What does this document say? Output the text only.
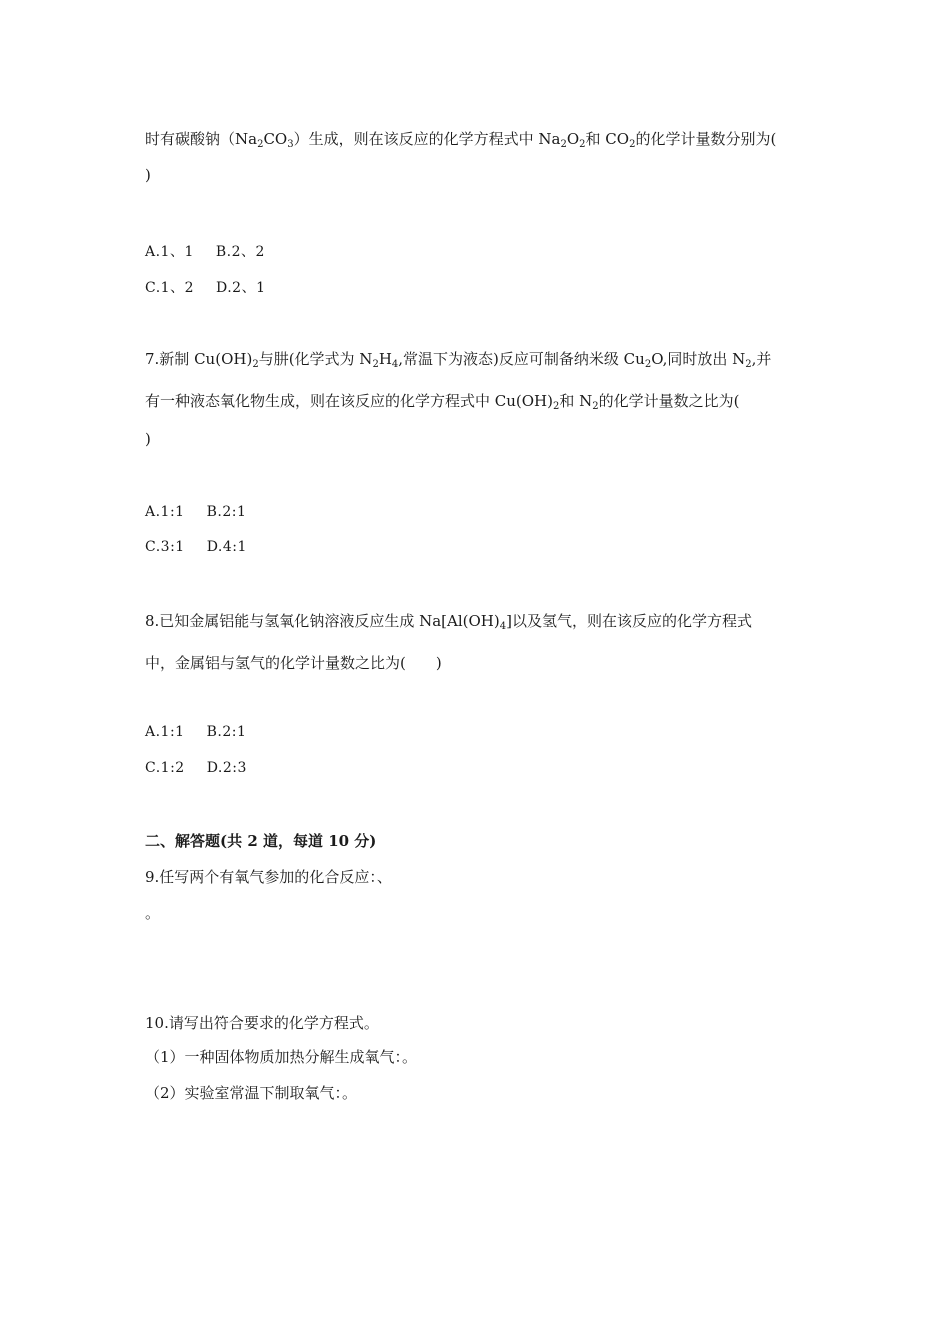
时有碳酸钠$(Na_2CO_3)$生成，则在该反应的化学方程式中 $Na_2O_2$和 $CO_2$的化学计量数分别为(
)
A.1、1 B.2、2
C.1、2 D.2、1
7.新制 $Cu(OH)_2$与肼(化学式为 $N_2H_4$,常温下为液态)反应可制备纳米级 $Cu_2O$,同时放出 $N_2$,并
有一种液态氧化物生成，则在该反应的化学方程式中 $Cu(OH)_2$和 $N_2$的化学计量数之比为(
)
A.1:1 B.2:1
C.3:1 D.4:1
8.已知金属铝能与氢氧化钠溶液反应生成 $Na[Al(OH)_4]$以及氢气，则在该反应的化学方程式
中，金属铝与氢气的化学计量数之比为(　　)
A.1:1 B.2:1
C.1:2 D.2:3
二、解答题(共 2 道，每道 10 分)
9.任写两个有氧气参加的化合反应：、
。
10.请写出符合要求的化学方程式。
（1）一种固体物质加热分解生成氧气：。
（2）实验室常温下制取氧气：。
